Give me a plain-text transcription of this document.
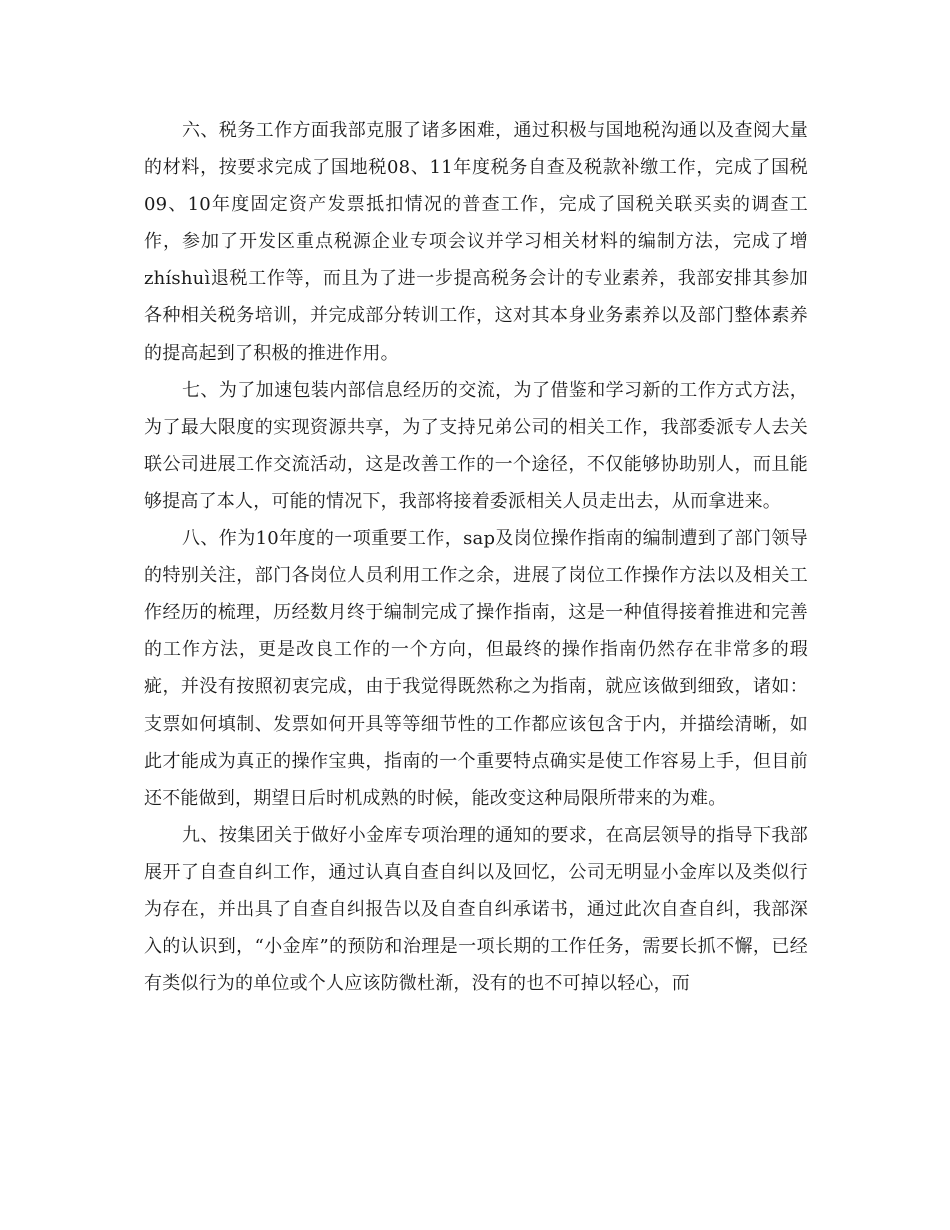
六、税务工作方面我部克服了诸多困难，通过积极与国地税沟通以及查阅大量的材料，按要求完成了国地税08、11年度税务自查及税款补缴工作，完成了国税09、10年度固定资产发票抵扣情况的普查工作，完成了国税关联买卖的调查工作，参加了开发区重点税源企业专项会议并学习相关材料的编制方法，完成了增zhíshuì退税工作等，而且为了进一步提高税务会计的专业素养，我部安排其参加各种相关税务培训，并完成部分转训工作，这对其本身业务素养以及部门整体素养的提高起到了积极的推进作用。

七、为了加速包装内部信息经历的交流，为了借鉴和学习新的工作方式方法，为了最大限度的实现资源共享，为了支持兄弟公司的相关工作，我部委派专人去关联公司进展工作交流活动，这是改善工作的一个途径，不仅能够协助别人，而且能够提高了本人，可能的情况下，我部将接着委派相关人员走出去，从而拿进来。

八、作为10年度的一项重要工作，sap及岗位操作指南的编制遭到了部门领导的特别关注，部门各岗位人员利用工作之余，进展了岗位工作操作方法以及相关工作经历的梳理，历经数月终于编制完成了操作指南，这是一种值得接着推进和完善的工作方法，更是改良工作的一个方向，但最终的操作指南仍然存在非常多的瑕疵，并没有按照初衷完成，由于我觉得既然称之为指南，就应该做到细致，诸如：支票如何填制、发票如何开具等等细节性的工作都应该包含于内，并描绘清晰，如此才能成为真正的操作宝典，指南的一个重要特点确实是使工作容易上手，但目前还不能做到，期望日后时机成熟的时候，能改变这种局限所带来的为难。

九、按集团关于做好小金库专项治理的通知的要求，在高层领导的指导下我部展开了自查自纠工作，通过认真自查自纠以及回忆，公司无明显小金库以及类似行为存在，并出具了自查自纠报告以及自查自纠承诺书，通过此次自查自纠，我部深入的认识到，“小金库”的预防和治理是一项长期的工作任务，需要长抓不懈，已经有类似行为的单位或个人应该防微杜渐，没有的也不可掉以轻心，而
